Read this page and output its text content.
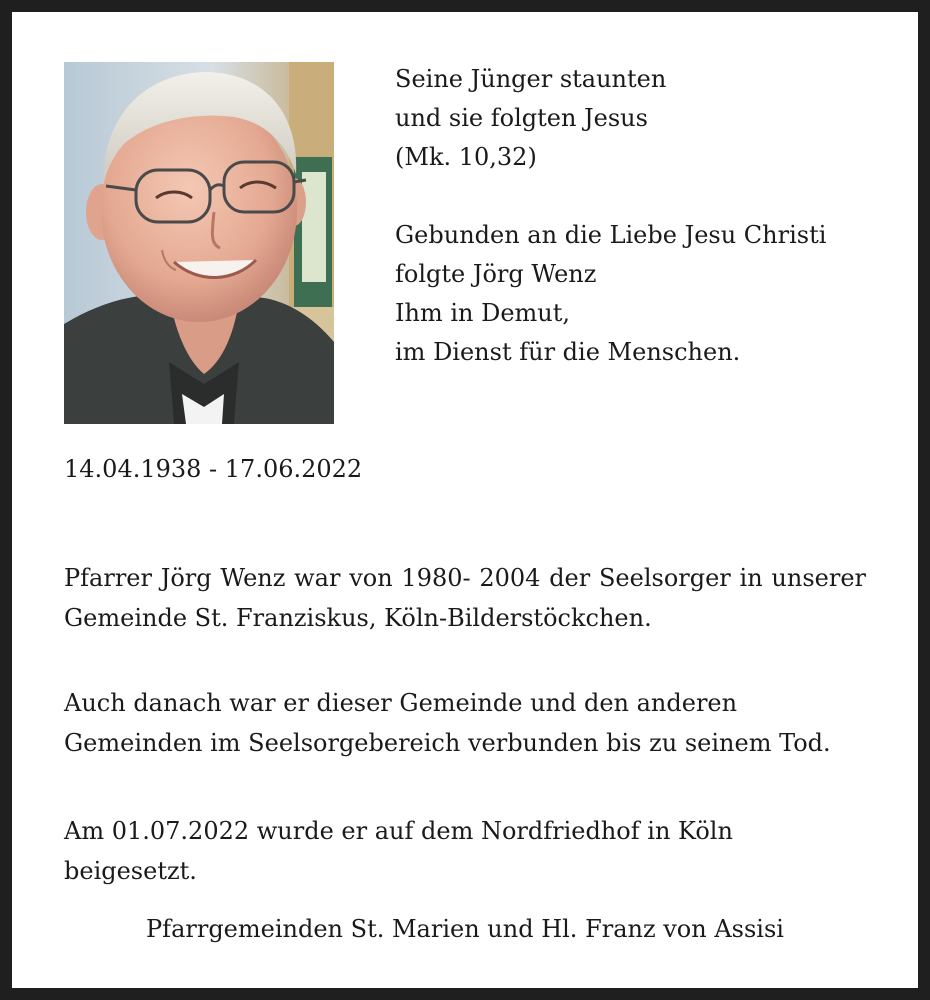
Seine Jünger staunten
und sie folgten Jesus
(Mk. 10,32)
Gebunden an die Liebe Jesu Christi
folgte Jörg Wenz
Ihm in Demut,
im Dienst für die Menschen.
14.04.1938 - 17.06.2022
Pfarrer Jörg Wenz war von 1980- 2004 der Seelsorger in unserer Gemeinde St. Franziskus, Köln-Bilderstöckchen.
Auch danach war er dieser Gemeinde und den anderen Gemeinden im Seelsorgebereich verbunden bis zu seinem Tod.
Am 01.07.2022 wurde er auf dem Nordfriedhof in Köln beigesetzt.
Pfarrgemeinden St. Marien und Hl. Franz von Assisi
